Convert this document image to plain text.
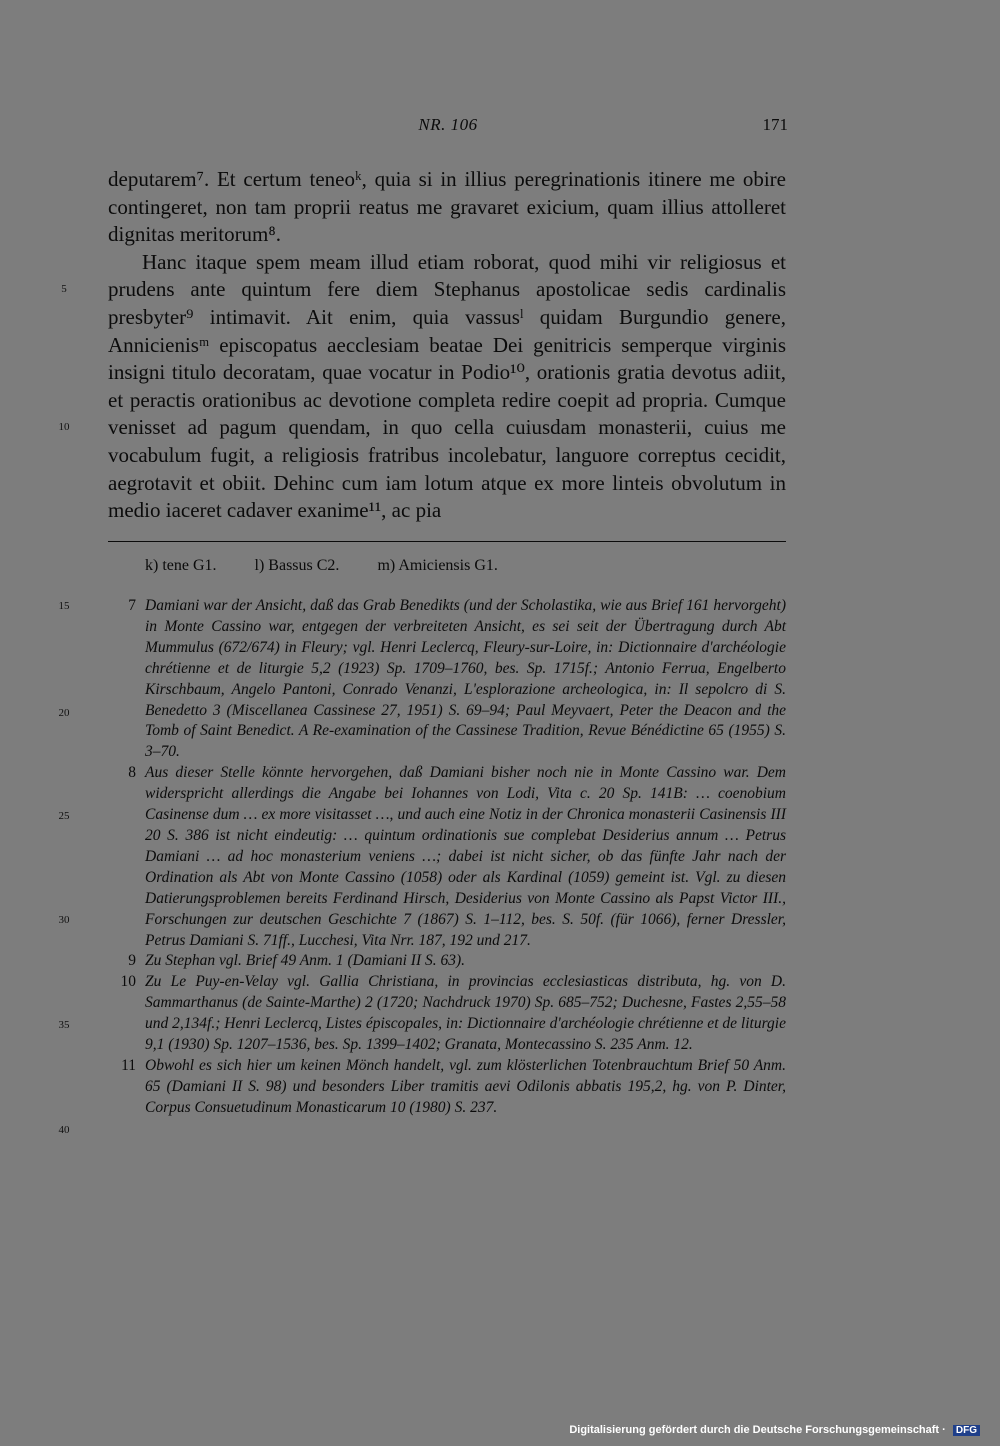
NR. 106	171

deputarem⁷. Et certum teneoᵏ, quia si in illius peregrinationis itinere me obire contingeret, non tam proprii reatus me gravaret exicium, quam illius attolleret dignitas meritorum⁸.

Hanc itaque spem meam illud etiam roborat, quod mihi vir religiosus et prudens ante quintum fere diem Stephanus apostolicae sedis cardinalis presbyter⁹ intimavit. Ait enim, quia vassusˡ quidam Burgundio genere, Annicienisᵐ episcopatus aecclesiam beatae Dei genitricis semperque virginis insigni titulo decoratam, quae vocatur in Podio¹⁰, orationis gratia devotus adiit, et peractis orationibus ac devotione completa redire coepit ad propria. Cumque venisset ad pagum quendam, in quo cella cuiusdam monasterii, cuius me vocabulum fugit, a religiosis fratribus incolebatur, languore correptus cecidit, aegrotavit et obiit. Dehinc cum iam lotum atque ex more linteis obvolutum in medio iaceret cadaver exanime¹¹, ac pia

5
10
15
20
25
30
35
40
k) tene G1. l) Bassus C2. m) Amiciensis G1.
7 Damiani war der Ansicht, daß das Grab Benedikts (und der Scholastika, wie aus Brief 161 hervorgeht) in Monte Cassino war, entgegen der verbreiteten Ansicht, es sei seit der Übertragung durch Abt Mummulus (672/674) in Fleury; vgl. Henri Leclercq, Fleury-sur-Loire, in: Dictionnaire d'archéologie chrétienne et de liturgie 5,2 (1923) Sp. 1709–1760, bes. Sp. 1715f.; Antonio Ferrua, Engelberto Kirschbaum, Angelo Pantoni, Conrado Venanzi, L'esplorazione archeologica, in: Il sepolcro di S. Benedetto 3 (Miscellanea Cassinese 27, 1951) S. 69–94; Paul Meyvaert, Peter the Deacon and the Tomb of Saint Benedict. A Re-examination of the Cassinese Tradition, Revue Bénédictine 65 (1955) S. 3–70.
8 Aus dieser Stelle könnte hervorgehen, daß Damiani bisher noch nie in Monte Cassino war. Dem widerspricht allerdings die Angabe bei Iohannes von Lodi, Vita c. 20 Sp. 141B: … coenobium Casinense dum … ex more visitasset …, und auch eine Notiz in der Chronica monasterii Casinensis III 20 S. 386 ist nicht eindeutig: … quintum ordinationis sue complebat Desiderius annum … Petrus Damiani … ad hoc monasterium veniens …; dabei ist nicht sicher, ob das fünfte Jahr nach der Ordination als Abt von Monte Cassino (1058) oder als Kardinal (1059) gemeint ist. Vgl. zu diesen Datierungsproblemen bereits Ferdinand Hirsch, Desiderius von Monte Cassino als Papst Victor III., Forschungen zur deutschen Geschichte 7 (1867) S. 1–112, bes. S. 50f. (für 1066), ferner Dressler, Petrus Damiani S. 71ff., Lucchesi, Vita Nrr. 187, 192 und 217.
9 Zu Stephan vgl. Brief 49 Anm. 1 (Damiani II S. 63).
10 Zu Le Puy-en-Velay vgl. Gallia Christiana, in provincias ecclesiasticas distributa, hg. von D. Sammarthanus (de Sainte-Marthe) 2 (1720; Nachdruck 1970) Sp. 685–752; Duchesne, Fastes 2,55–58 und 2,134f.; Henri Leclercq, Listes épiscopales, in: Dictionnaire d'archéologie chrétienne et de liturgie 9,1 (1930) Sp. 1207–1536, bes. Sp. 1399–1402; Granata, Montecassino S. 235 Anm. 12.
11 Obwohl es sich hier um keinen Mönch handelt, vgl. zum klösterlichen Totenbrauchtum Brief 50 Anm. 65 (Damiani II S. 98) und besonders Liber tramitis aevi Odilonis abbatis 195,2, hg. von P. Dinter, Corpus Consuetudinum Monasticarum 10 (1980) S. 237.
Digitalisierung gefördert durch die Deutsche Forschungsgemeinschaft · DFG
